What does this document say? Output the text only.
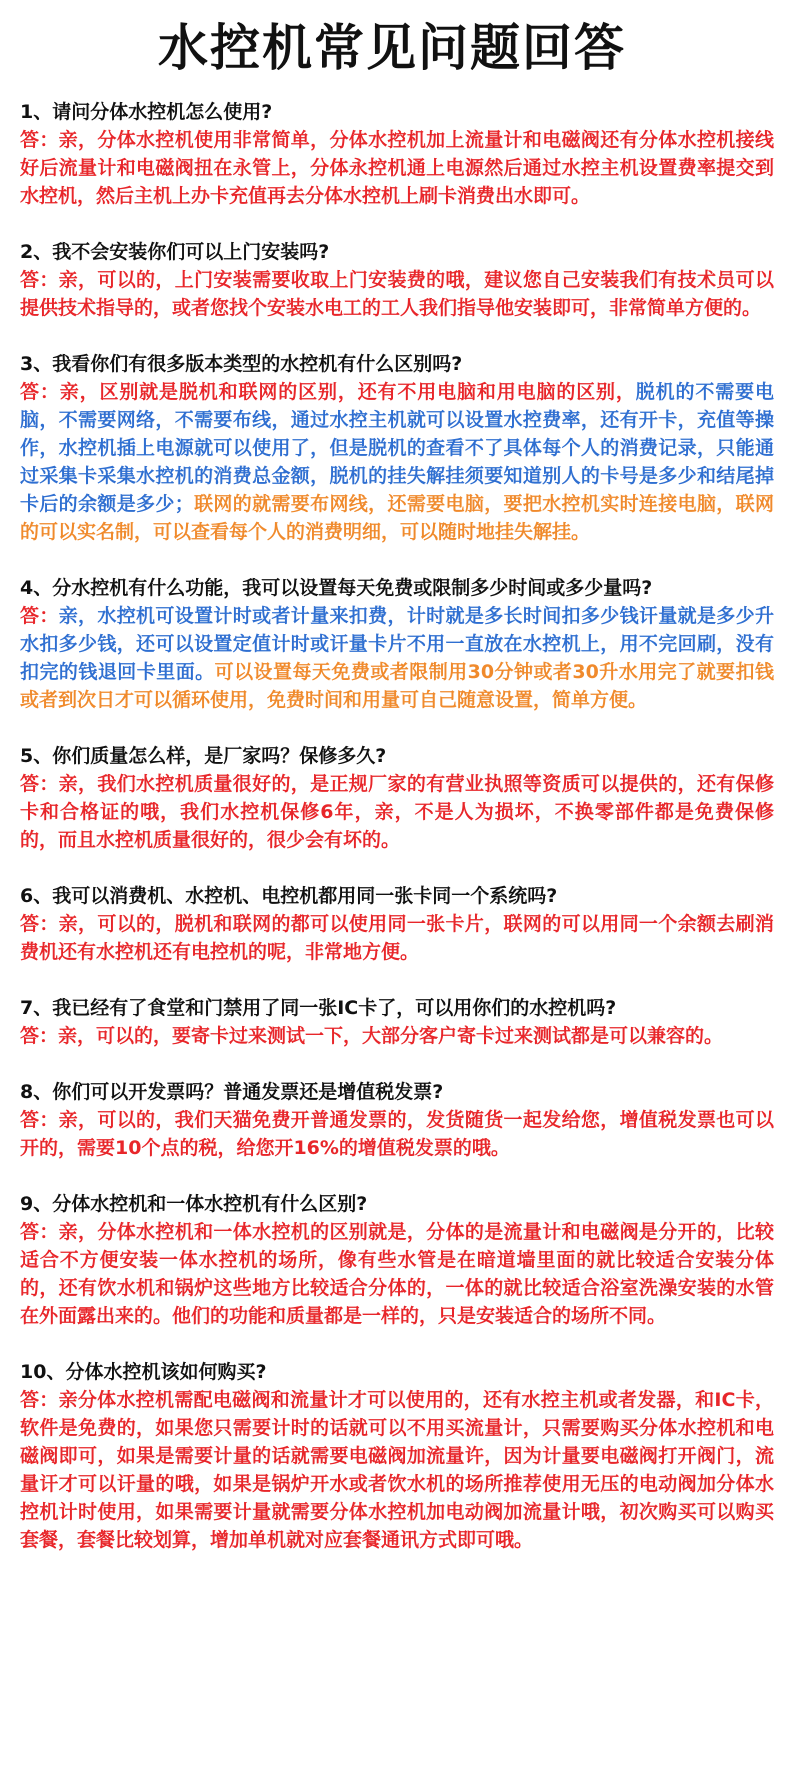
水控机常见问题回答
1、请问分体水控机怎么使用?
答：亲，分体水控机使用非常简单，分体水控机加上流量计和电磁阀还有分体水控机接线好后流量计和电磁阀扭在永管上，分体永控机通上电源然后通过水控主机设置费率提交到水控机，然后主机上办卡充值再去分体水控机上刷卡消费出水即可。
2、我不会安装你们可以上门安装吗?
答：亲，可以的，上门安装需要收取上门安装费的哦，建议您自己安装我们有技术员可以提供技术指导的，或者您找个安装水电工的工人我们指导他安装即可，非常简单方便的。
3、我看你们有很多版本类型的水控机有什么区别吗?
答：亲，区别就是脱机和联网的区别，还有不用电脑和用电脑的区别，脱机的不需要电脑，不需要网络，不需要布线，通过水控主机就可以设置水控费率，还有开卡，充值等操作，水控机插上电源就可以使用了，但是脱机的查看不了具体每个人的消费记录，只能通过采集卡采集水控机的消费总金额，脱机的挂失解挂须要知道别人的卡号是多少和结尾掉卡后的余额是多少；联网的就需要布网线，还需要电脑，要把水控机实时连接电脑，联网的可以实名制，可以查看每个人的消费明细，可以随时地挂失解挂。
4、分水控机有什么功能，我可以设置每天免费或限制多少时间或多少量吗?
答：亲，水控机可设置计时或者计量来扣费，计时就是多长时间扣多少钱讦量就是多少升水扣多少钱，还可以设置定值计时或讦量卡片不用一直放在水控机上，用不完回刷，没有扣完的钱退回卡里面。可以设置每天免费或者限制用30分钟或者30升水用完了就要扣钱或者到次日才可以循环使用，免费时间和用量可自己随意设置，简单方便。
5、你们质量怎么样，是厂家吗？保修多久?
答：亲，我们水控机质量很好的，是正规厂家的有营业执照等资质可以提供的，还有保修卡和合格证的哦，我们水控机保修6年，亲，不是人为损坏，不换零部件都是免费保修的，而且水控机质量很好的，很少会有坏的。
6、我可以消费机、水控机、电控机都用同一张卡同一个系统吗?
答：亲，可以的，脱机和联网的都可以使用同一张卡片，联网的可以用同一个余额去刷消费机还有水控机还有电控机的呢，非常地方便。
7、我已经有了食堂和门禁用了同一张IC卡了，可以用你们的水控机吗?
答：亲，可以的，要寄卡过来测试一下，大部分客户寄卡过来测试都是可以兼容的。
8、你们可以开发票吗？普通发票还是增值税发票?
答：亲，可以的，我们天猫免费开普通发票的，发货随货一起发给您，增值税发票也可以开的，需要10个点的税，给您开16%的增值税发票的哦。
9、分体水控机和一体水控机有什么区别?
答：亲，分体水控机和一体水控机的区别就是，分体的是流量计和电磁阀是分开的，比较适合不方便安装一体水控机的场所，像有些水管是在暗道墙里面的就比较适合安装分体的，还有饮水机和锅炉这些地方比较适合分体的，一体的就比较适合浴室洗澡安装的水管在外面露出来的。他们的功能和质量都是一样的，只是安装适合的场所不同。
10、分体水控机该如何购买?
答：亲分体水控机需配电磁阀和流量计才可以使用的，还有水控主机或者发器，和IC卡，软件是免费的，如果您只需要计时的话就可以不用买流量计，只需要购买分体水控机和电磁阀即可，如果是需要计量的话就需要电磁阀加流量许，因为计量要电磁阀打开阀门，流量讦才可以讦量的哦，如果是锅炉开水或者饮水机的场所推荐使用无压的电动阀加分体水控机计时使用，如果需要计量就需要分体水控机加电动阀加流量计哦，初次购买可以购买套餐，套餐比较划算，增加单机就对应套餐通讯方式即可哦。
